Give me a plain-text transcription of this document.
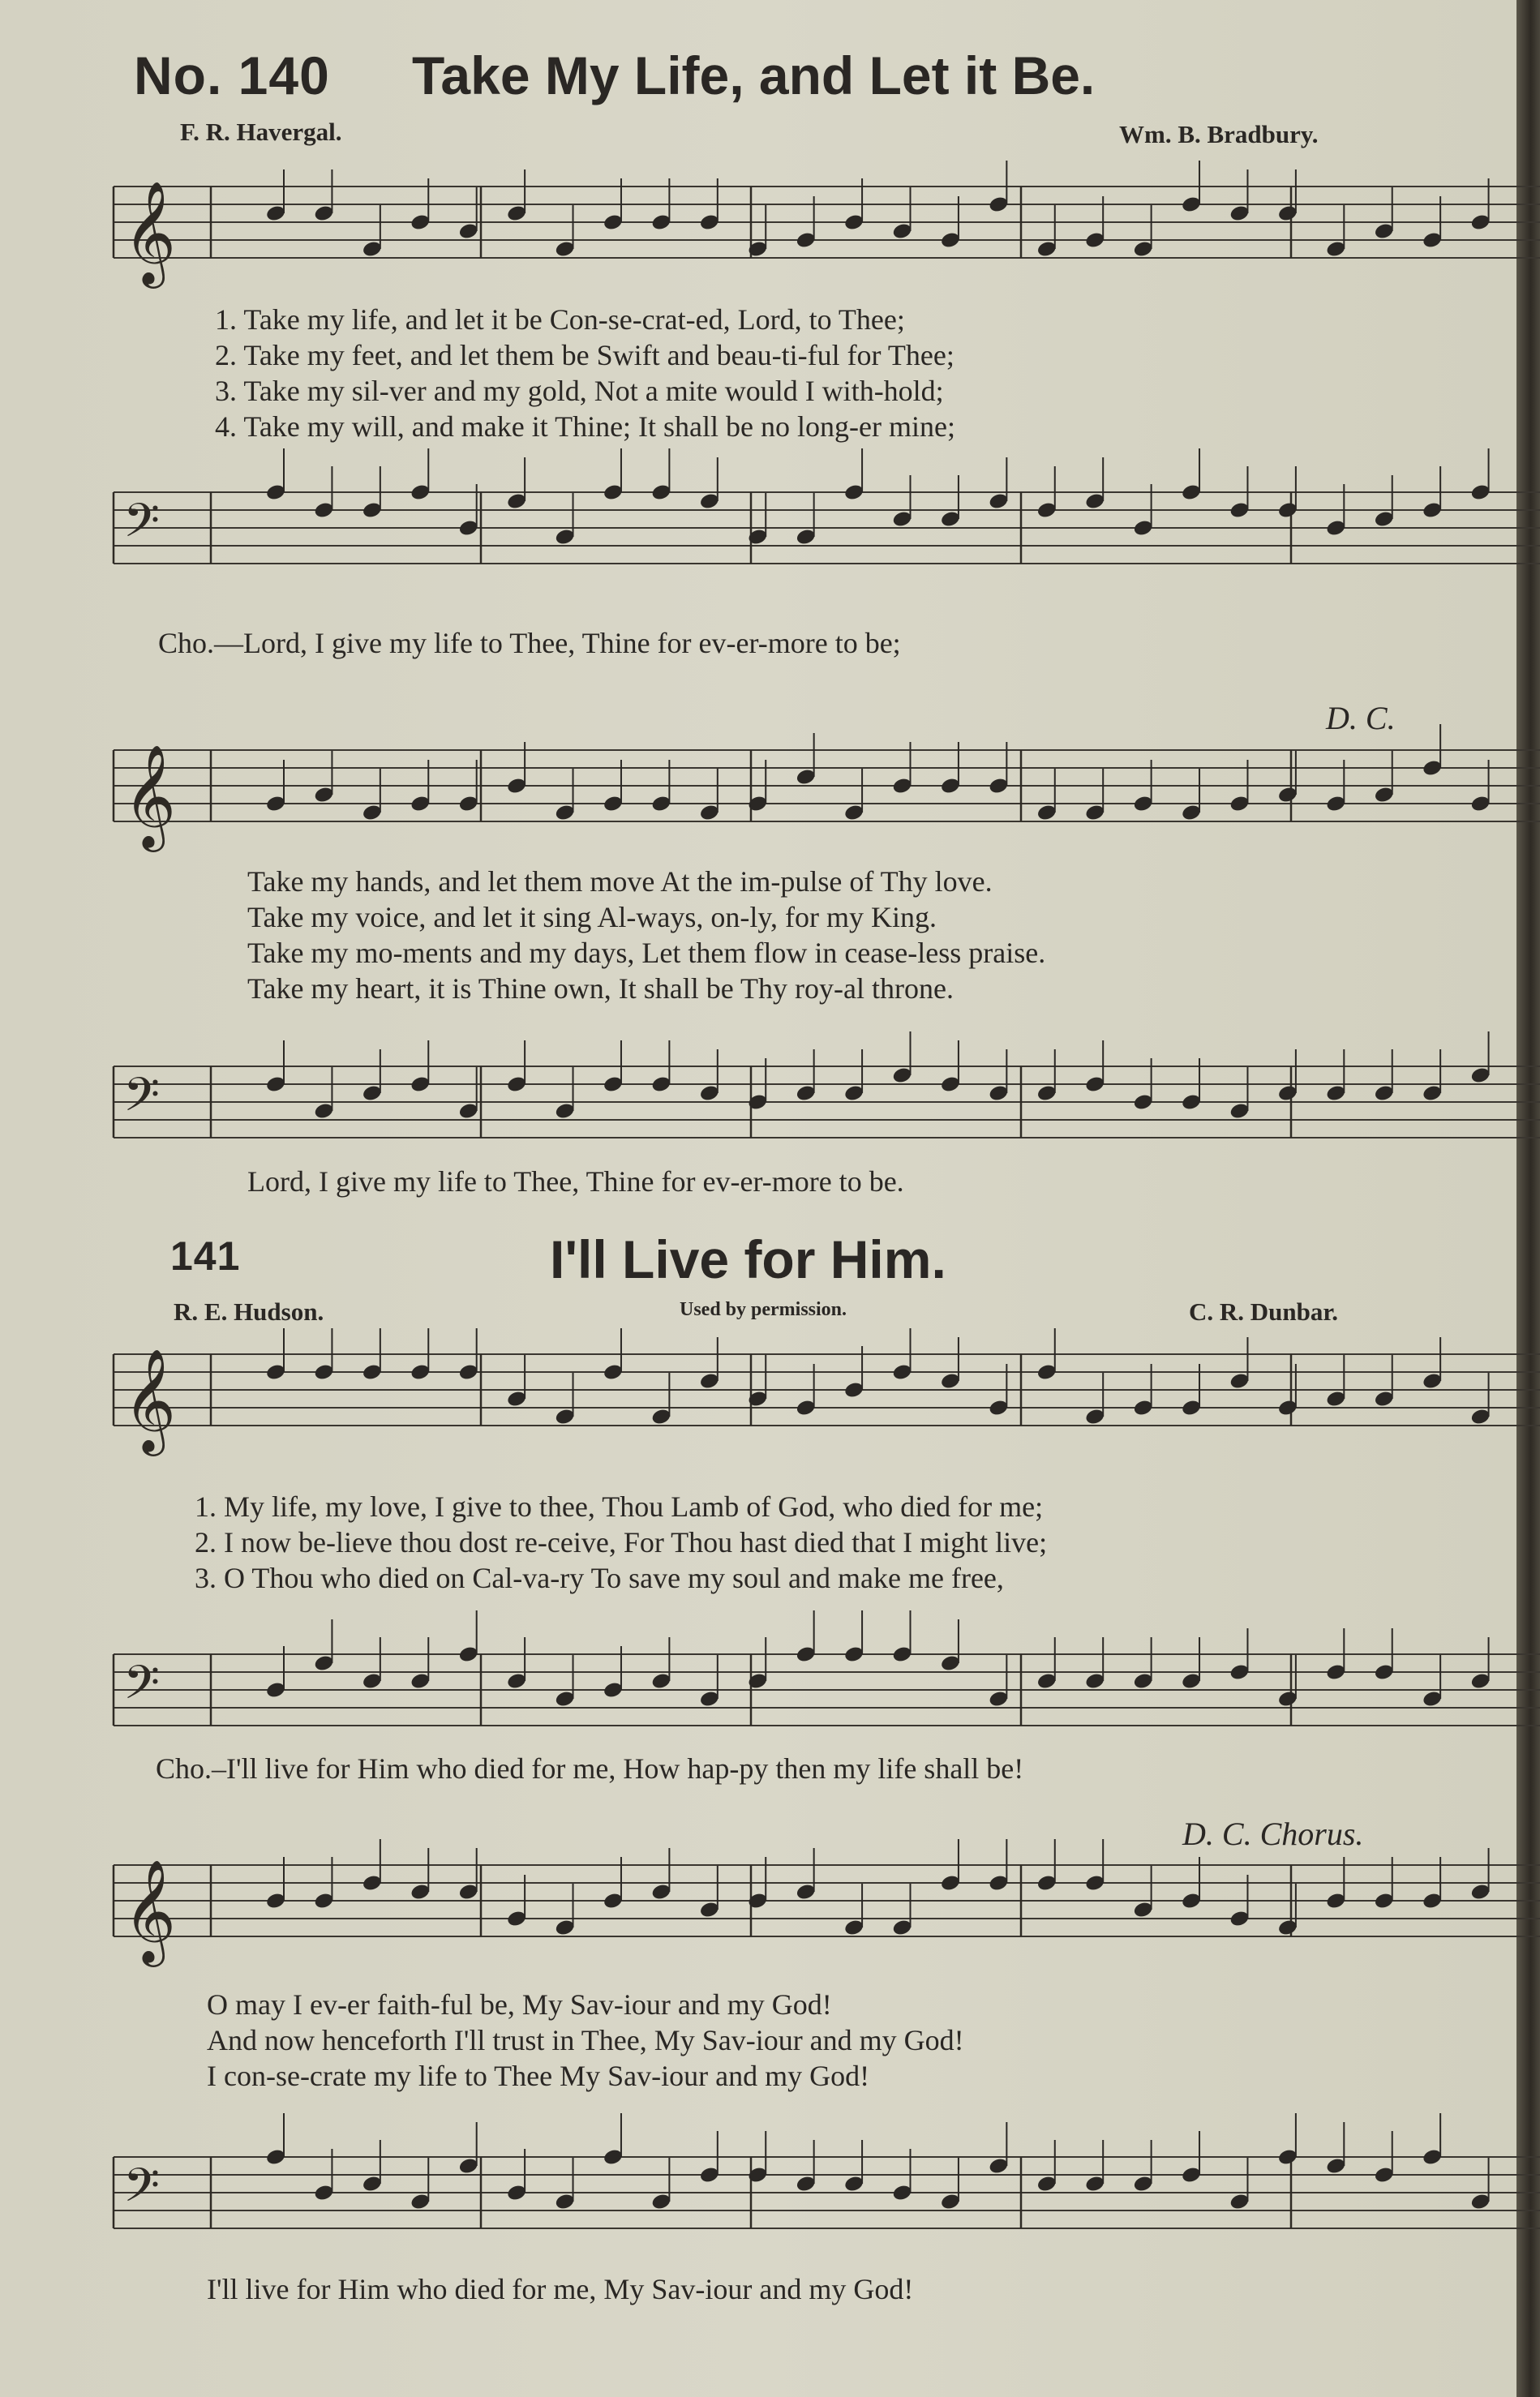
No. 140 Take My Life, and Let it Be.
F. R. Havergal.	Wm. B. Bradbury.
𝄞
𝄢
1. Take my life, and let it be Con-se-crat-ed, Lord, to Thee;
2. Take my feet, and let them be Swift and beau-ti-ful for Thee;
3. Take my sil-ver and my gold, Not a mite would I with-hold;
4. Take my will, and make it Thine; It shall be no long-er mine;
Cho.—Lord, I give my life to Thee, Thine for ev-er-more to be;
𝄞
𝄢
D. C.
Take my hands, and let them move At the im-pulse of Thy love.
Take my voice, and let it sing Al-ways, on-ly, for my King.
Take my mo-ments and my days, Let them flow in cease-less praise.
Take my heart, it is Thine own, It shall be Thy roy-al throne.
Lord, I give my life to Thee, Thine for ev-er-more to be.
141	I'll Live for Him.
R. E. Hudson.	Used by permission.	C. R. Dunbar.
𝄞
𝄢
1. My life, my love, I give to thee, Thou Lamb of God, who died for me;
2. I now be-lieve thou dost re-ceive, For Thou hast died that I might live;
3. O Thou who died on Cal-va-ry To save my soul and make me free,
Cho.–I'll live for Him who died for me, How hap-py then my life shall be!
𝄞
𝄢
D. C. Chorus.
O may I ev-er faith-ful be, My Sav-iour and my God!
And now henceforth I'll trust in Thee, My Sav-iour and my God!
I con-se-crate my life to Thee My Sav-iour and my God!
I'll live for Him who died for me, My Sav-iour and my God!
